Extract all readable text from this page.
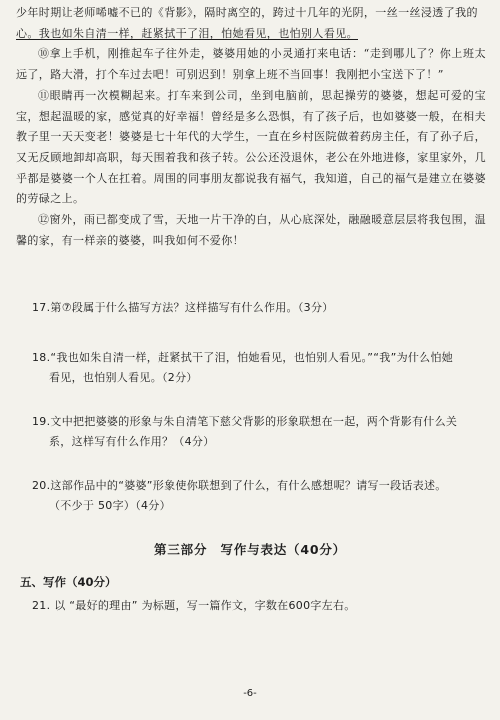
少年时期让老师唏嘘不已的《背影》，隔时离空的，跨过十几年的光阴，一丝一丝浸透了我的

心。我也如朱自清一样，赶紧拭干了泪，怕她看见，也怕别人看见。

⑩拿上手机，刚推起车子往外走，婆婆用她的小灵通打来电话：“走到哪儿了？你上班太远了，路大滑，打个车过去吧！可别迟到！别拿上班不当回事！我刚把小宝送下了！”

⑪眼睛再一次模糊起来。打车来到公司，坐到电脑前，思起操劳的婆婆，想起可爱的宝宝，想起温暖的家，感觉真的好幸福！曾经是多么恐惧，有了孩子后，也如婆婆一般，在相夫教子里一天天变老！婆婆是七十年代的大学生，一直在乡村医院做着药房主任，有了孙子后，又无反顾地卸却高职，每天围着我和孩子转。公公还没退休，老公在外地进修，家里家外，几乎都是婆婆一个人在扛着。周围的同事朋友都说我有福气，我知道，自己的福气是建立在婆婆的劳碌之上。

⑫窗外，雨已都变成了雪，天地一片干净的白，从心底深处，融融暖意层层将我包围，温馨的家，有一样亲的婆婆，叫我如何不爱你！

17.第⑦段属于什么描写方法？这样描写有什么作用。（3分）

18.“我也如朱自清一样，赶紧拭干了泪，怕她看见，也怕别人看见。”“我”为什么怕她

看见，也怕别人看见。（2分）

19.文中把把婆婆的形象与朱自清笔下慈父背影的形象联想在一起，两个背影有什么关

系，这样写有什么作用？（4分）

20.这部作品中的“婆婆”形象使你联想到了什么，有什么感想呢？请写一段话表述。

（不少于 50字）（4分）

第三部分　写作与表达（40分）
五、写作（40分）
21. 以 “最好的理由” 为标题，写一篇作文，字数在600字左右。
-6-
